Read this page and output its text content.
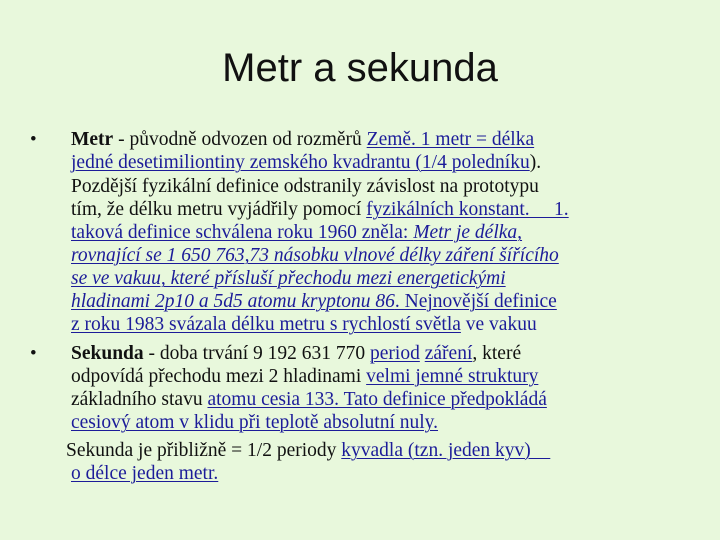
Metr a sekunda
• Metr - původně odvozen od rozměrů Země. 1 metr = délka
jedné desetimiliontiny zemského kvadrantu (1/4 poledníku).
Pozdější fyzikální definice odstranily závislost na prototypu
tím, že délku metru vyjádřily pomocí fyzikálních konstant.     1.
taková definice schválena roku 1960 zněla: Metr je délka,
rovnající se 1 650 763,73 násobku vlnové délky záření šířícího
se ve vakuu, které přísluší přechodu mezi energetickými
hladinami 2p10 a 5d5 atomu kryptonu 86. Nejnovější definice
z roku 1983 svázala délku metru s rychlostí světla ve vakuu
• Sekunda - doba trvání 9 192 631 770 period záření, které
odpovídá přechodu mezi 2 hladinami velmi jemné struktury
základního stavu atomu cesia 133. Tato definice předpokládá
cesiový atom v klidu při teplotě absolutní nuly.
Sekunda je přibližně = 1/2 periody kyvadla (tzn. jeden kyv)
o délce jeden metr.
